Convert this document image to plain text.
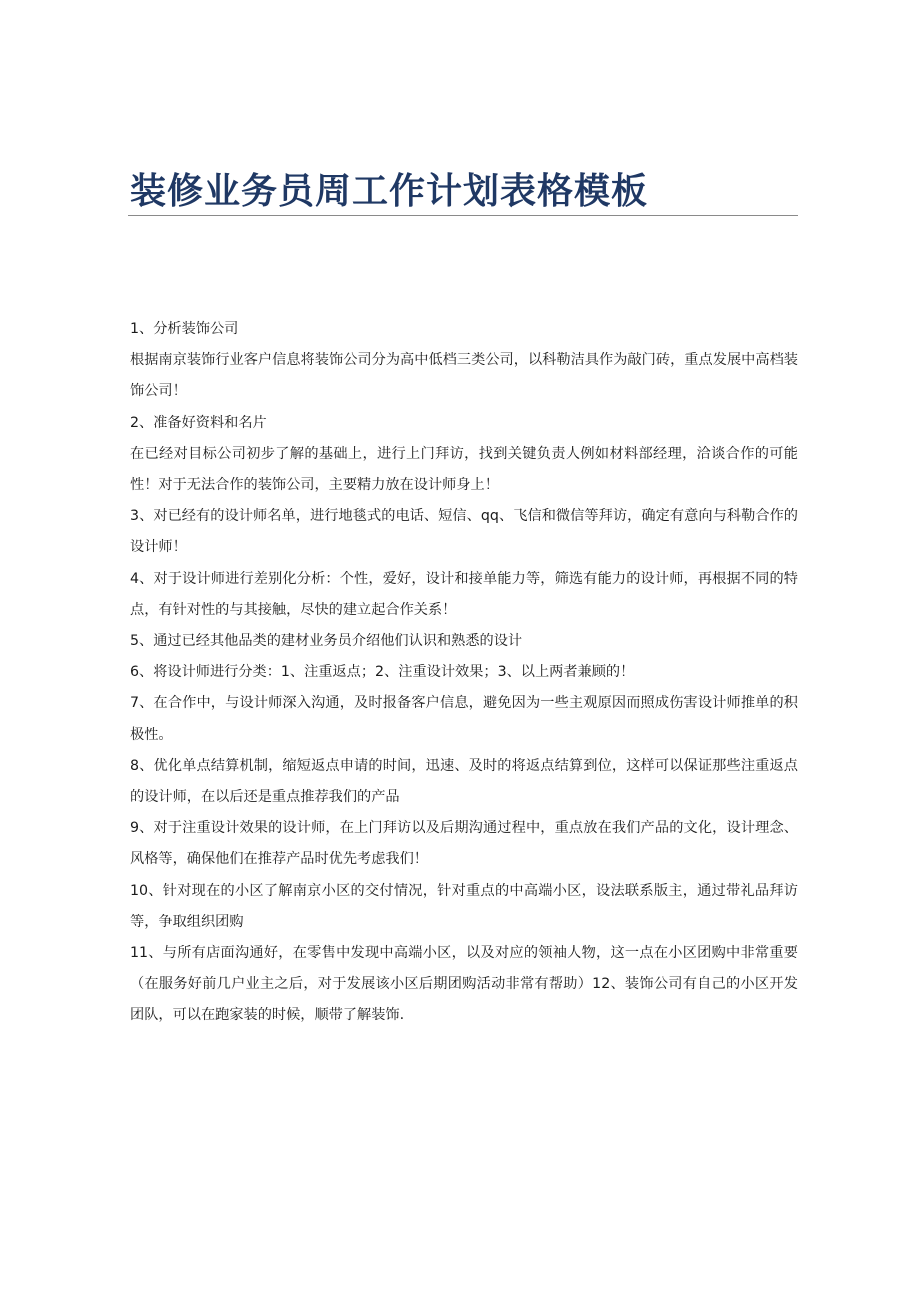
装修业务员周工作计划表格模板

1、分析装饰公司

根据南京装饰行业客户信息将装饰公司分为高中低档三类公司，以科勒洁具作为敲门砖，重点发展中高档装饰公司！

2、准备好资料和名片

在已经对目标公司初步了解的基础上，进行上门拜访，找到关键负责人例如材料部经理，洽谈合作的可能性！对于无法合作的装饰公司，主要精力放在设计师身上！

3、对已经有的设计师名单，进行地毯式的电话、短信、qq、飞信和微信等拜访，确定有意向与科勒合作的设计师！

4、对于设计师进行差别化分析：个性，爱好，设计和接单能力等，筛选有能力的设计师，再根据不同的特点，有针对性的与其接触，尽快的建立起合作关系！

5、通过已经其他品类的建材业务员介绍他们认识和熟悉的设计

6、将设计师进行分类：1、注重返点；2、注重设计效果；3、以上两者兼顾的！

7、在合作中，与设计师深入沟通，及时报备客户信息，避免因为一些主观原因而照成伤害设计师推单的积极性。

8、优化单点结算机制，缩短返点申请的时间，迅速、及时的将返点结算到位，这样可以保证那些注重返点的设计师，在以后还是重点推荐我们的产品

9、对于注重设计效果的设计师，在上门拜访以及后期沟通过程中，重点放在我们产品的文化，设计理念、风格等，确保他们在推荐产品时优先考虑我们！

10、针对现在的小区了解南京小区的交付情况，针对重点的中高端小区，设法联系版主，通过带礼品拜访等，争取组织团购

11、与所有店面沟通好，在零售中发现中高端小区，以及对应的领袖人物，这一点在小区团购中非常重要（在服务好前几户业主之后，对于发展该小区后期团购活动非常有帮助）12、装饰公司有自己的小区开发团队，可以在跑家装的时候，顺带了解装饰.
